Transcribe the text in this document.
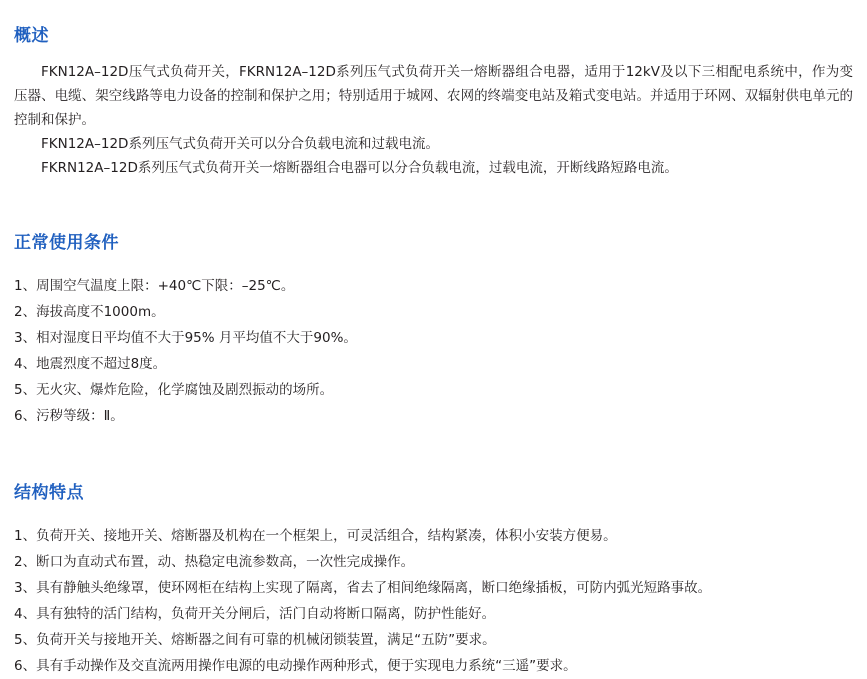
概述

FKN12A–12D压气式负荷开关，FKRN12A–12D系列压气式负荷开关一熔断器组合电器，适用于12kV及以下三相配电系统中，作为变压器、电缆、架空线路等电力设备的控制和保护之用；特别适用于城网、农网的终端变电站及箱式变电站。并适用于环网、双辐射供电单元的控制和保护。

FKN12A–12D系列压气式负荷开关可以分合负载电流和过载电流。

FKRN12A–12D系列压气式负荷开关一熔断器组合电器可以分合负载电流，过载电流，开断线路短路电流。

正常使用条件
1、周围空气温度上限：+40℃下限：–25℃。
2、海拔高度不1000m。
3、相对湿度日平均值不大于95% 月平均值不大于90%。
4、地震烈度不超过8度。
5、无火灾、爆炸危险，化学腐蚀及剧烈振动的场所。
6、污秽等级：Ⅱ。
结构特点
1、负荷开关、接地开关、熔断器及机构在一个框架上，可灵活组合，结构紧凑，体积小安装方便易。
2、断口为直动式布置，动、热稳定电流参数高，一次性完成操作。
3、具有静触头绝缘罩，使环网柜在结构上实现了隔离，省去了相间绝缘隔离，断口绝缘插板，可防内弧光短路事故。
4、具有独特的活门结构，负荷开关分闸后，活门自动将断口隔离，防护性能好。
5、负荷开关与接地开关、熔断器之间有可靠的机械闭锁装置，满足“五防”要求。
6、具有手动操作及交直流两用操作电源的电动操作两种形式，便于实现电力系统“三遥”要求。
